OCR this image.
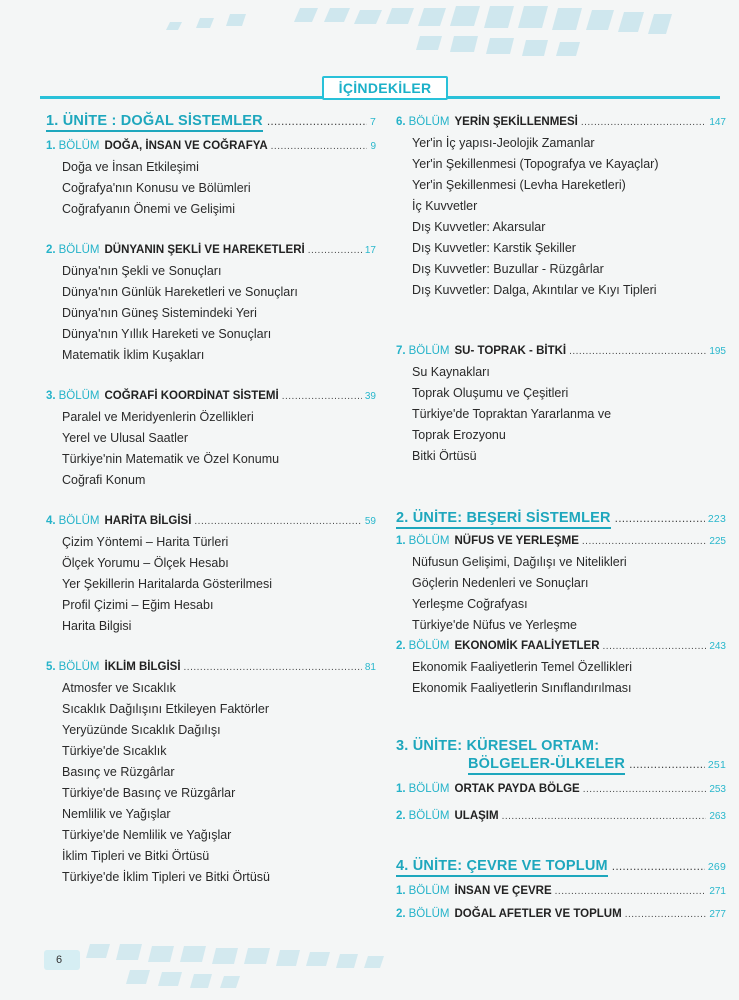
İÇİNDEKİLER
1. ÜNİTE : DOĞAL SİSTEMLER .....	7
1. BÖLÜM DOĞA, İNSAN VE COĞRAFYA .....	9
Doğa ve İnsan Etkileşimi
Coğrafya'nın Konusu ve Bölümleri
Coğrafyanın Önemi ve Gelişimi
2. BÖLÜM DÜNYANIN ŞEKLİ VE HAREKETLERİ .....	17
Dünya'nın Şekli ve Sonuçları
Dünya'nın Günlük Hareketleri ve Sonuçları
Dünya'nın Güneş Sistemindeki Yeri
Dünya'nın Yıllık Hareketi ve Sonuçları
Matematik İklim Kuşakları
3. BÖLÜM COĞRAFİ KOORDİNAT SİSTEMİ .....	39
Paralel ve Meridyenlerin Özellikleri
Yerel ve Ulusal Saatler
Türkiye'nin Matematik ve Özel Konumu
Coğrafi Konum
4. BÖLÜM HARİTA BİLGİSİ .....	59
Çizim Yöntemi – Harita Türleri
Ölçek Yorumu – Ölçek Hesabı
Yer Şekillerin Haritalarda Gösterilmesi
Profil Çizimi – Eğim Hesabı
Harita Bilgisi
5. BÖLÜM İKLİM BİLGİSİ .....	81
Atmosfer ve Sıcaklık
Sıcaklık Dağılışını Etkileyen Faktörler
Yeryüzünde Sıcaklık Dağılışı
Türkiye'de Sıcaklık
Basınç ve Rüzgârlar
Türkiye'de Basınç ve Rüzgârlar
Nemlilik ve Yağışlar
Türkiye'de Nemlilik ve Yağışlar
İklim Tipleri ve Bitki Örtüsü
Türkiye'de İklim Tipleri ve Bitki Örtüsü
6. BÖLÜM YERİN ŞEKİLLENMESİ .....	147
Yer'in İç yapısı-Jeolojik Zamanlar
Yer'in Şekillenmesi (Topografya ve Kayaçlar)
Yer'in Şekillenmesi (Levha Hareketleri)
İç Kuvvetler
Dış Kuvvetler: Akarsular
Dış Kuvvetler: Karstik Şekiller
Dış Kuvvetler: Buzullar - Rüzgârlar
Dış Kuvvetler: Dalga, Akıntılar ve Kıyı Tipleri
7. BÖLÜM SU- TOPRAK - BİTKİ .....	195
Su Kaynakları
Toprak Oluşumu ve Çeşitleri
Türkiye'de Topraktan Yararlanma ve
Toprak Erozyonu
Bitki Örtüsü
2. ÜNİTE: BEŞERİ SİSTEMLER .....	223
1. BÖLÜM NÜFUS VE YERLEŞME .....	225
Nüfusun Gelişimi, Dağılışı ve Nitelikleri
Göçlerin Nedenleri ve Sonuçları
Yerleşme Coğrafyası
Türkiye'de Nüfus ve Yerleşme
2. BÖLÜM EKONOMİK FAALİYETLER .....	243
Ekonomik Faaliyetlerin Temel Özellikleri
Ekonomik Faaliyetlerin Sınıflandırılması
3. ÜNİTE: KÜRESEL ORTAM:
BÖLGELER-ÜLKELER .....	251
1. BÖLÜM ORTAK PAYDA BÖLGE .....	253
2. BÖLÜM ULAŞIM .....	263
4. ÜNİTE: ÇEVRE VE TOPLUM .....	269
1. BÖLÜM İNSAN VE ÇEVRE .....	271
2. BÖLÜM DOĞAL AFETLER VE TOPLUM .....	277
6
